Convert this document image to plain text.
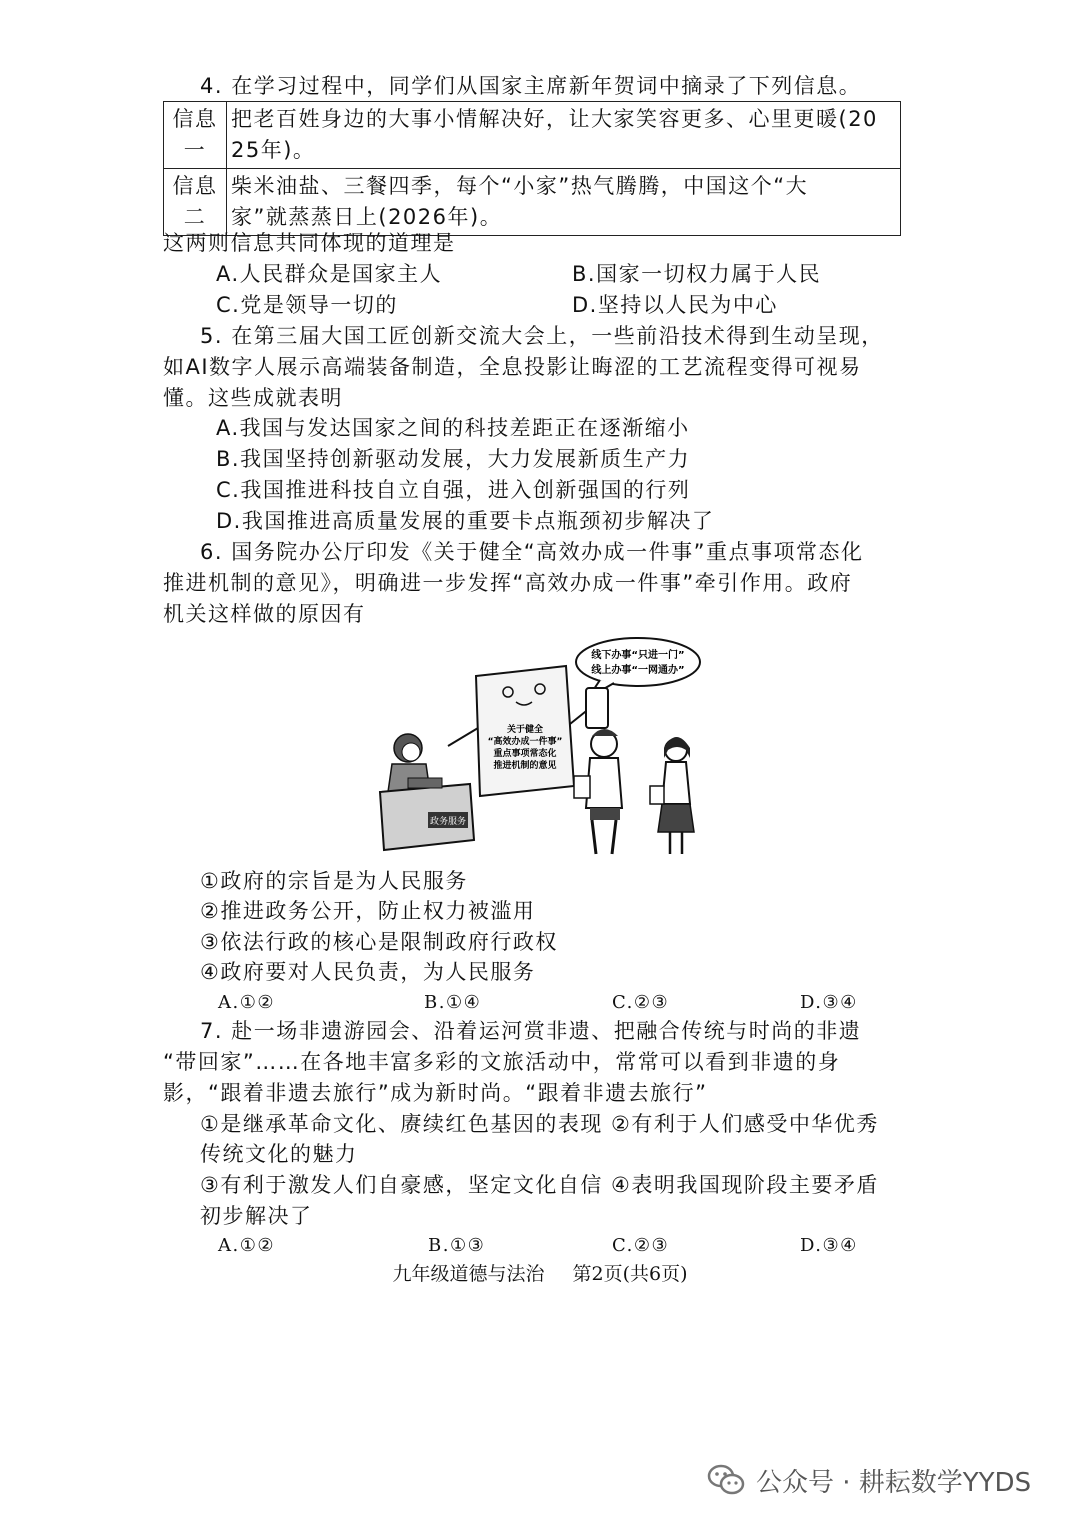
4. 在学习过程中，同学们从国家主席新年贺词中摘录了下列信息。
信息
一	把老百姓身边的大事小情解决好，让大家笑容更多、心里更暖(20
25年)。
信息
二	柴米油盐、三餐四季，每个“小家”热气腾腾，中国这个“大
家”就蒸蒸日上(2026年)。
这两则信息共同体现的道理是
A.人民群众是国家主人	B.国家一切权力属于人民
C.党是领导一切的	D.坚持以人民为中心
5. 在第三届大国工匠创新交流大会上，一些前沿技术得到生动呈现，
如AI数字人展示高端装备制造，全息投影让晦涩的工艺流程变得可视易
懂。这些成就表明
A.我国与发达国家之间的科技差距正在逐渐缩小
B.我国坚持创新驱动发展，大力发展新质生产力
C.我国推进科技自立自强，进入创新强国的行列
D.我国推进高质量发展的重要卡点瓶颈初步解决了
6. 国务院办公厅印发《关于健全“高效办成一件事”重点事项常态化
推进机制的意见》，明确进一步发挥“高效办成一件事”牵引作用。政府
机关这样做的原因有
线下办事“只进一门”
线上办事“一网通办”
关于健全
“高效办成一件事”
重点事项常态化
推进机制的意见
政务服务
①政府的宗旨是为人民服务
②推进政务公开，防止权力被滥用
③依法行政的核心是限制政府行政权
④政府要对人民负责，为人民服务
A.①②	B.①④	C.②③	D.③④
7. 赴一场非遗游园会、沿着运河赏非遗、把融合传统与时尚的非遗
“带回家”……在各地丰富多彩的文旅活动中，常常可以看到非遗的身
影，“跟着非遗去旅行”成为新时尚。“跟着非遗去旅行”
①是继承革命文化、赓续红色基因的表现 ②有利于人们感受中华优秀
传统文化的魅力
③有利于激发人们自豪感，坚定文化自信 ④表明我国现阶段主要矛盾
初步解决了
A.①②	B.①③	C.②③	D.③④
九年级道德与法治 第2页(共6页)
公众号 · 耕耘数学YYDS
